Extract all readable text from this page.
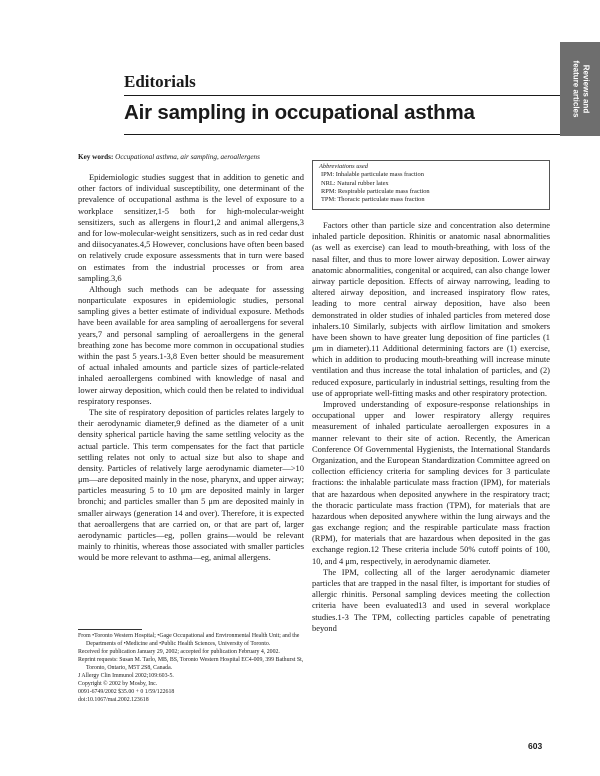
Reviews and
feature articles
Editorials
Air sampling in occupational asthma
Key words: Occupational asthma, air sampling, aeroallergens

Epidemiologic studies suggest that in addition to genetic and other factors of individual susceptibility, one determinant of the prevalence of occupational asthma is the level of exposure to a workplace sensitizer,1-5 both for high-molecular-weight sensitizers, such as allergens in flour1,2 and animal allergens,3 and for low-molecular-weight sensitizers, such as in red cedar dust and diisocyanates.4,5 However, conclusions have often been based on relatively crude exposure assessments that in turn were based on estimates from the industrial processes or from area sampling.3,6

Although such methods can be adequate for assessing nonparticulate exposures in epidemiologic studies, personal sampling gives a better estimate of individual exposure. Methods have been available for area sampling of aeroallergens for several years,7 and personal sampling of aeroallergens in the general breathing zone has become more common in occupational studies within the past 5 years.1-3,8 Even better should be measurement of actual inhaled amounts and particle sizes of particle-related inhaled aeroallergens combined with knowledge of nasal and lower airway deposition, which could then be related to individual respiratory responses.

The site of respiratory deposition of particles relates largely to their aerodynamic diameter,9 defined as the diameter of a unit density spherical particle having the same settling velocity as the actual particle. This term compensates for the fact that particle settling relates not only to actual size but also to shape and density. Particles of relatively large aerodynamic diameter—>10 μm—are deposited mainly in the nose, pharynx, and upper airway; particles measuring 5 to 10 μm are deposited mainly in larger bronchi; and particles smaller than 5 μm are deposited mainly in smaller airways (generation 14 and over). Therefore, it is expected that aeroallergens that are carried on, or that are part of, larger aerodynamic particles—eg, pollen grains—would be relevant mainly to rhinitis, whereas those associated with smaller particles would be more relevant to asthma—eg, animal allergens.

Abbreviations used
IPM: Inhalable particulate mass fraction
NRL: Natural rubber latex
RPM: Respirable particulate mass fraction
TPM: Thoracic particulate mass fraction

Factors other than particle size and concentration also determine inhaled particle deposition. Rhinitis or anatomic nasal abnormalities (as well as exercise) can lead to mouth-breathing, with loss of the nasal filter, and thus to more lower airway deposition. Lower airway anatomic abnormalities, congenital or acquired, can also change lower airway particle deposition. Effects of airway narrowing, leading to altered airway deposition, and increased inspiratory flow rates, leading to more central airway deposition, have also been demonstrated in older studies of inhaled particles from metered dose inhalers.10 Similarly, subjects with airflow limitation and smokers have been shown to have greater lung deposition of fine particles (1 μm in diameter).11 Additional determining factors are (1) exercise, which in addition to producing mouth-breathing will increase minute ventilation and thus increase the total inhalation of particles, and (2) reduced exposure, particularly in industrial settings, resulting from the use of appropriate well-fitting masks and other respiratory protection.

Improved understanding of exposure-response relationships in occupational upper and lower respiratory allergy requires measurement of inhaled particulate aeroallergen exposures in a manner relevant to their site of action. Recently, the American Conference Of Governmental Hygienists, the International Standards Organization, and the European Standardization Committee agreed on collection efficiency criteria for sampling devices for 3 particulate fractions: the inhalable particulate mass fraction (IPM), for materials that are hazardous when deposited anywhere in the respiratory tract; the thoracic particulate mass fraction (TPM), for materials that are hazardous when deposited anywhere within the lung airways and the gas exchange region; and the respirable particulate mass fraction (RPM), for materials that are hazardous when deposited in the gas exchange region.12 These criteria include 50% cutoff points of 100, 10, and 4 μm, respectively, in aerodynamic diameter.

The IPM, collecting all of the larger aerodynamic diameter particles that are trapped in the nasal filter, is important for studies of allergic rhinitis. Personal sampling devices meeting the collection criteria have been evaluated13 and used in several workplace studies.1-3 The TPM, collecting particles capable of penetrating beyond

From •Toronto Western Hospital; •Gage Occupational and Environmental Health Unit; and the Departments of •Medicine and •Public Health Sciences, University of Toronto.
Received for publication January 29, 2002; accepted for publication February 4, 2002.
Reprint requests: Susan M. Tarlo, MB, BS, Toronto Western Hospital EC4-009, 399 Bathurst St, Toronto, Ontario, M5T 2S8, Canada.
J Allergy Clin Immunol 2002;109:603-5.
Copyright © 2002 by Mosby, Inc.
0091-6749/2002 $35.00 + 0 1/59/122618
doi:10.1067/mai.2002.123618
603
